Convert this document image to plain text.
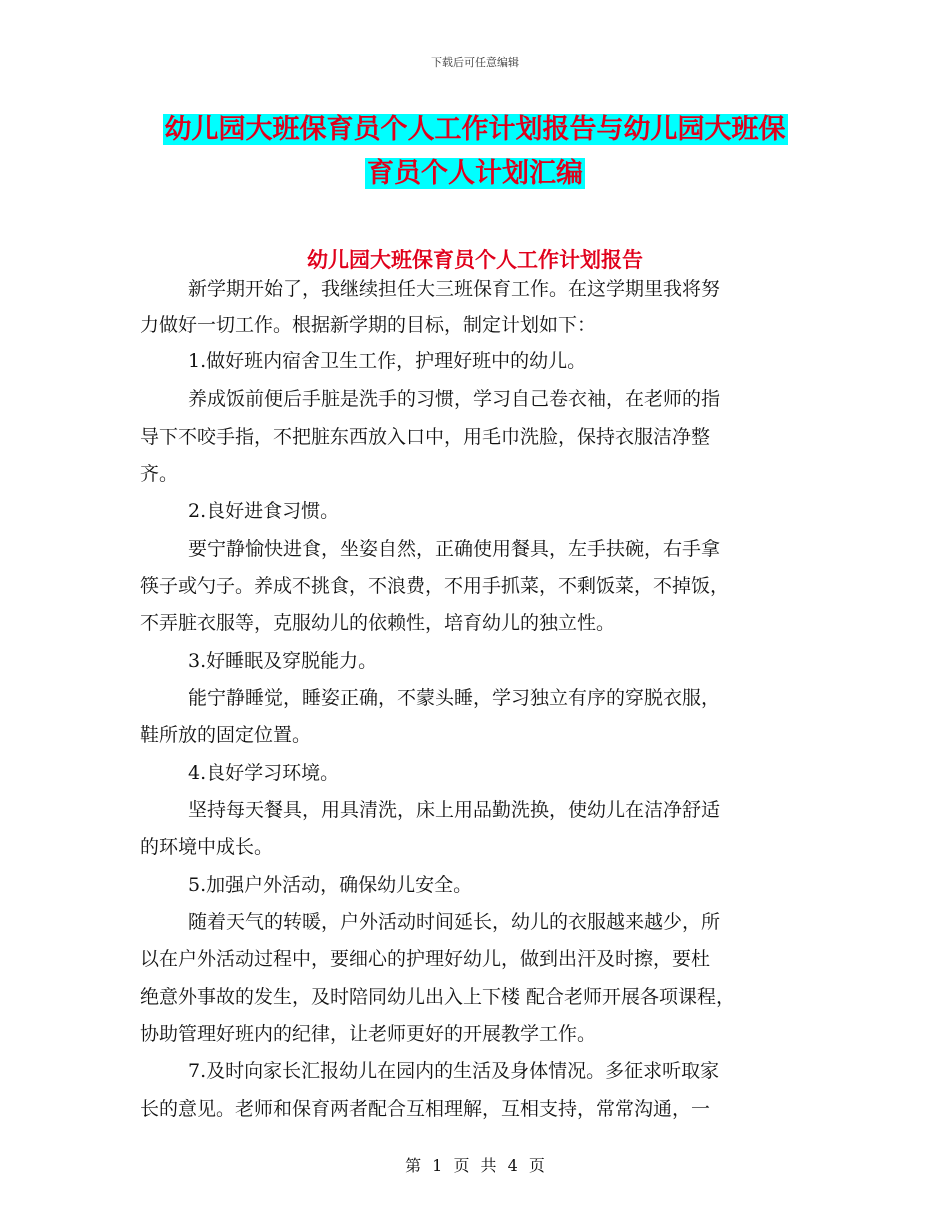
下载后可任意编辑
幼儿园大班保育员个人工作计划报告与幼儿园大班保
育员个人计划汇编
幼儿园大班保育员个人工作计划报告
新学期开始了，我继续担任大三班保育工作。在这学期里我将努
力做好一切工作。根据新学期的目标，制定计划如下：
1.做好班内宿舍卫生工作，护理好班中的幼儿。
养成饭前便后手脏是洗手的习惯，学习自己卷衣袖，在老师的指
导下不咬手指，不把脏东西放入口中，用毛巾洗脸，保持衣服洁净整
齐。
2.良好进食习惯。
要宁静愉快进食，坐姿自然，正确使用餐具，左手扶碗，右手拿
筷子或勺子。养成不挑食，不浪费，不用手抓菜，不剩饭菜，不掉饭，
不弄脏衣服等，克服幼儿的依赖性，培育幼儿的独立性。
3.好睡眠及穿脱能力。
能宁静睡觉，睡姿正确，不蒙头睡，学习独立有序的穿脱衣服，
鞋所放的固定位置。
4.良好学习环境。
坚持每天餐具，用具清洗，床上用品勤洗换，使幼儿在洁净舒适
的环境中成长。
5.加强户外活动，确保幼儿安全。
随着天气的转暖，户外活动时间延长，幼儿的衣服越来越少，所
以在户外活动过程中，要细心的护理好幼儿，做到出汗及时擦，要杜
绝意外事故的发生，及时陪同幼儿出入上下楼 配合老师开展各项课程，
协助管理好班内的纪律，让老师更好的开展教学工作。
7.及时向家长汇报幼儿在园内的生活及身体情况。多征求听取家
长的意见。老师和保育两者配合互相理解，互相支持，常常沟通，一
第 1 页 共 4 页
